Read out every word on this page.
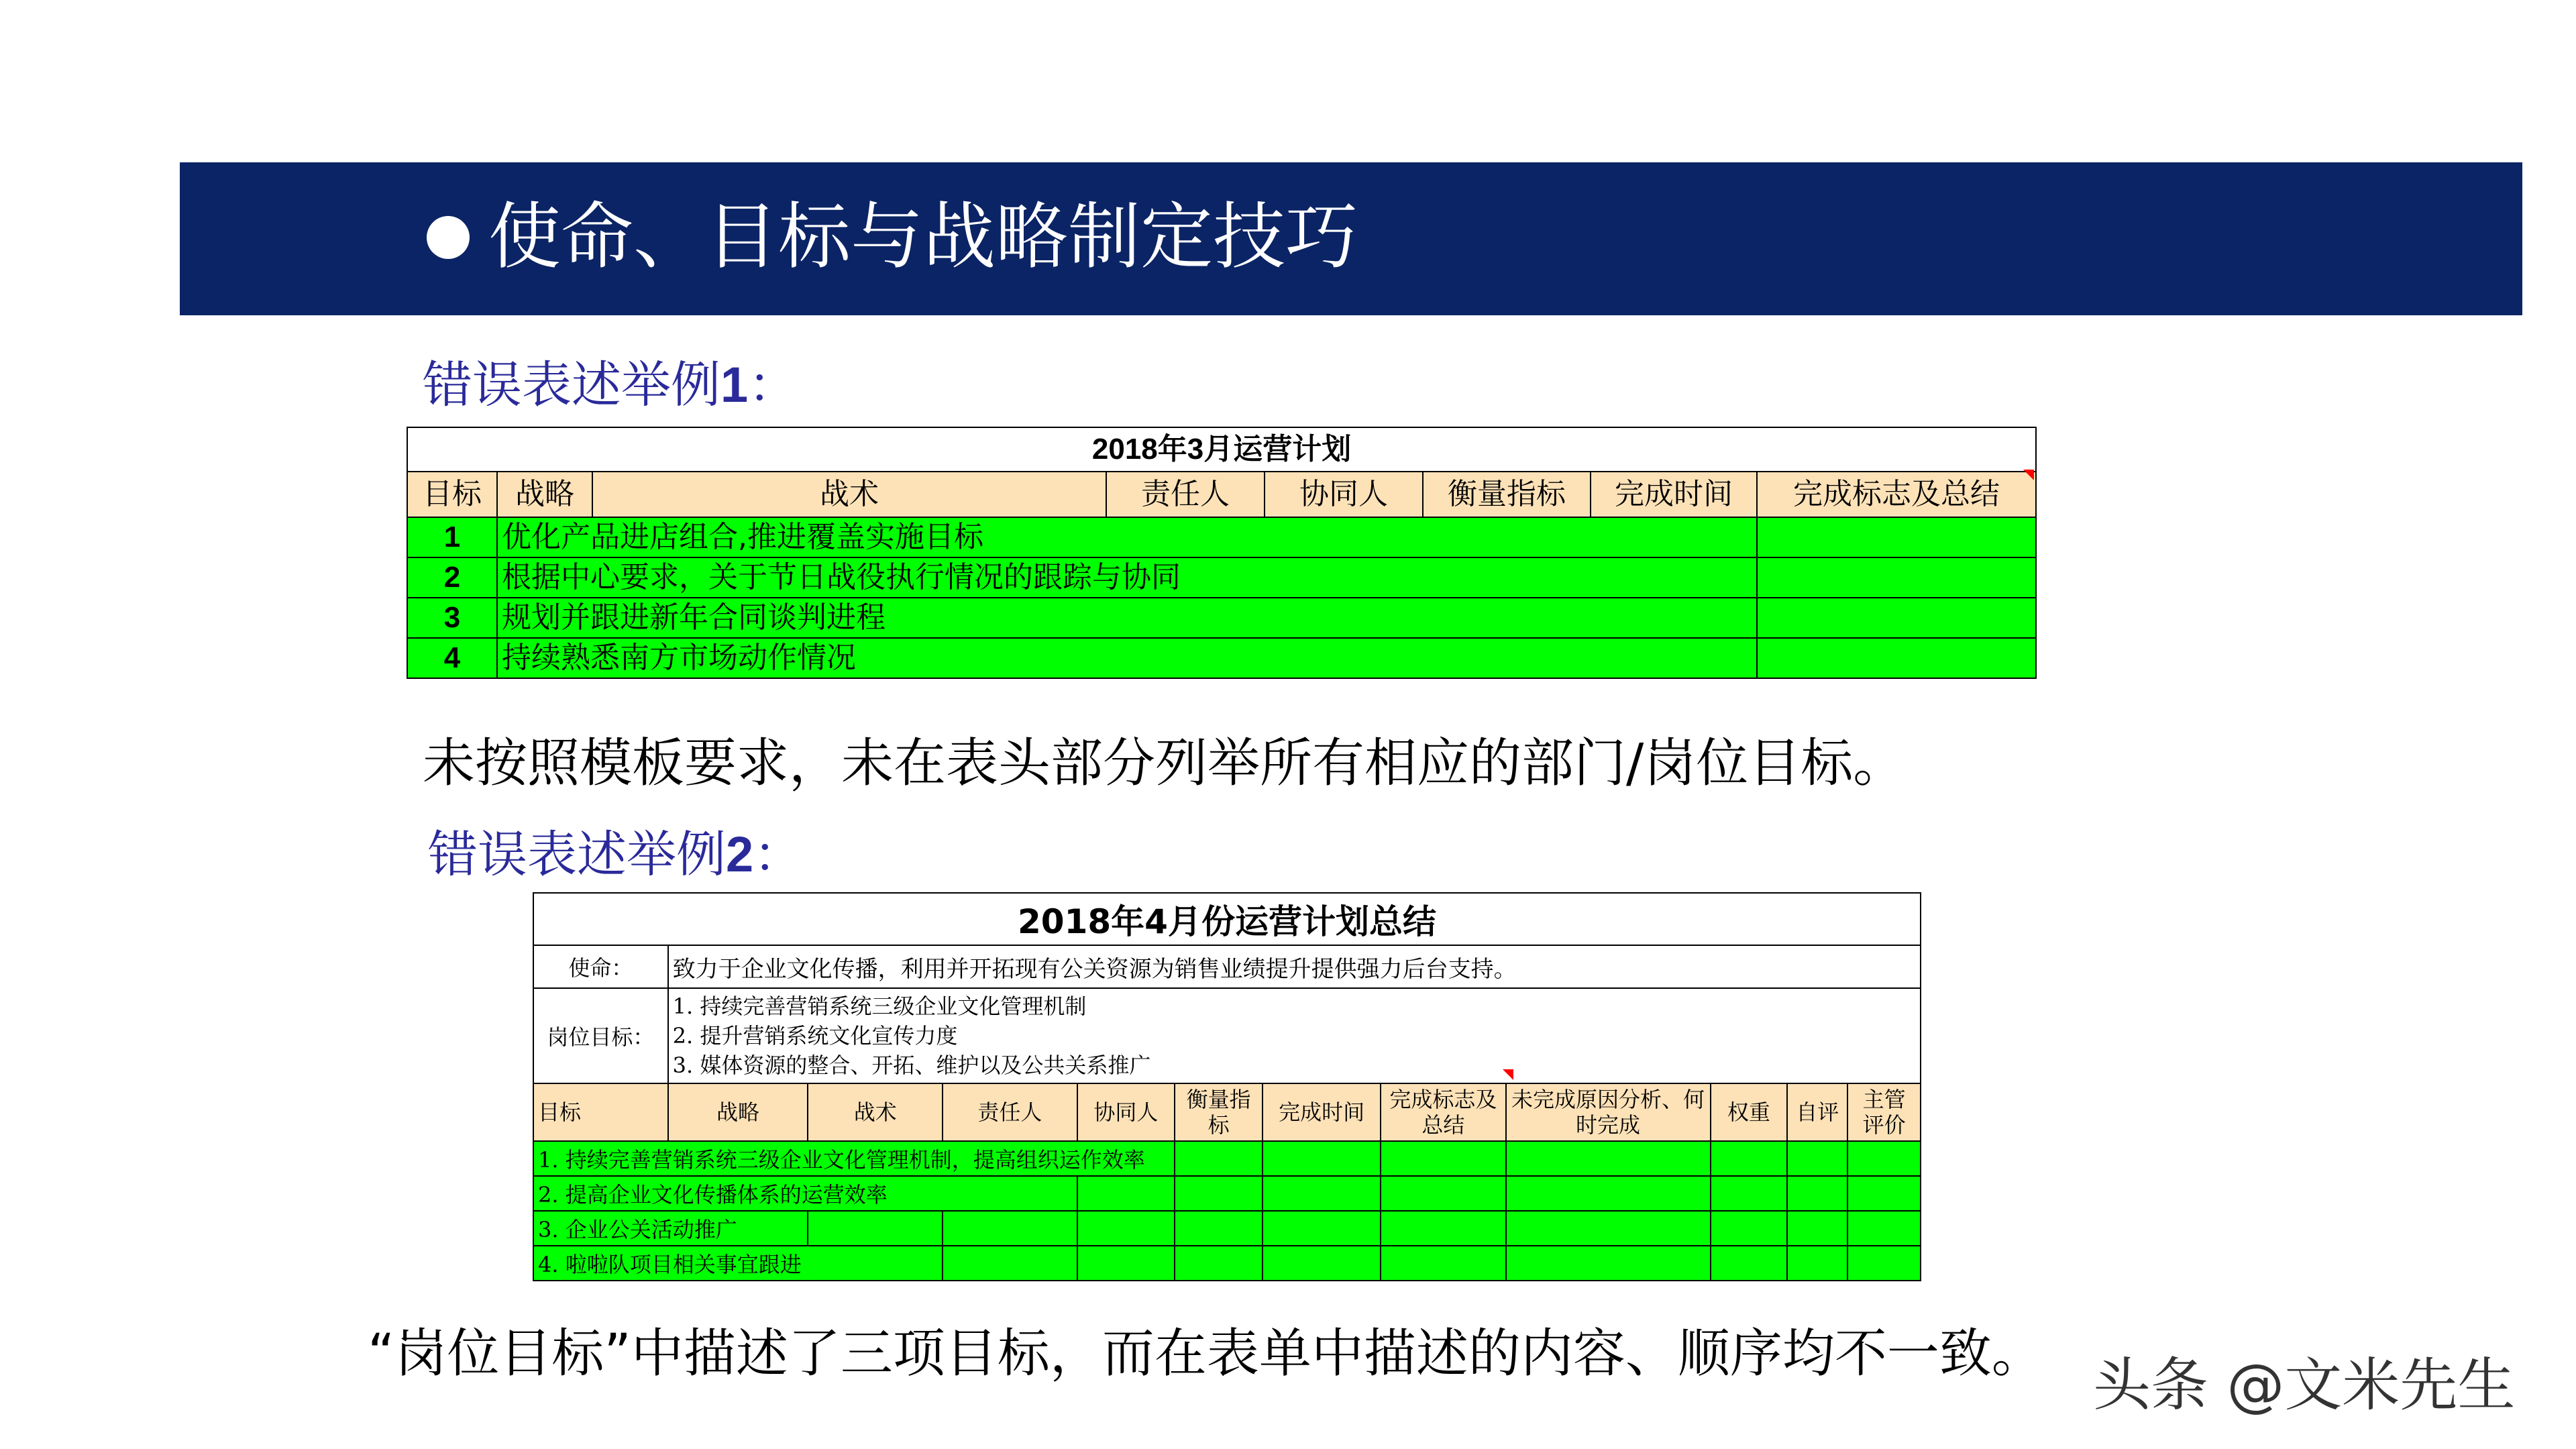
使命、目标与战略制定技巧
错误表述举例1：
2018年3月运营计划							
目标	战略	战术	责任人	协同人	衡量指标	完成时间	完成标志及总结
1	优化产品进店组合,推进覆盖实施目标						
2	根据中心要求，关于节日战役执行情况的跟踪与协同						
3	规划并跟进新年合同谈判进程						
4	持续熟悉南方市场动作情况						
未按照模板要求，未在表头部分列举所有相应的部门/岗位目标。
错误表述举例2：
2018年4月份运营计划总结											
使命：	致力于企业文化传播，利用并开拓现有公关资源为销售业绩提升提供强力后台支持。										
岗位目标：	1. 持续完善营销系统三级企业文化管理机制
2. 提升营销系统文化宣传力度
3. 媒体资源的整合、开拓、维护以及公共关系推广										

目标	战略	战术	责任人	协同人	衡量指标	完成时间	完成标志及总结	未完成原因分析、何时完成	权重	自评	主管评价
1. 持续完善营销系统三级企业文化管理机制，提高组织运作效率											
2. 提高企业文化传播体系的运营效率											
3. 企业公关活动推广											
4. 啦啦队项目相关事宜跟进											
“岗位目标”中描述了三项目标，而在表单中描述的内容、顺序均不一致。 头条 @文米先生
